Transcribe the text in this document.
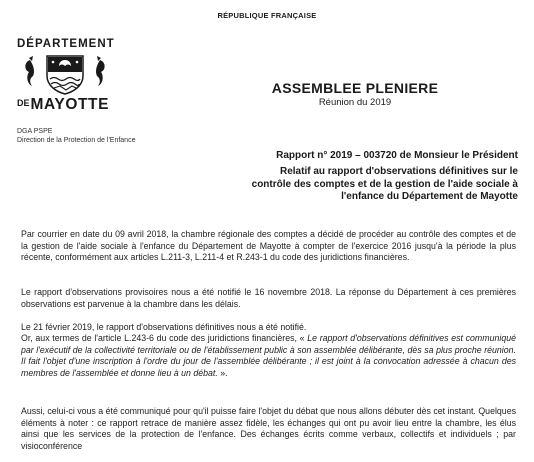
RÉPUBLIQUE FRANÇAISE
DÉPARTEMENT
DEMAYOTTE
DGA PSPE
Direction de la Protection de l'Enfance
ASSEMBLEE PLENIERE
Réunion du 2019
Rapport n° 2019 – 003720 de Monsieur le Président
Relatif au rapport d'observations définitives sur le
contrôle des comptes et de la gestion de l'aide sociale à
l'enfance du Département de Mayotte

Par courrier en date du 09 avril 2018, la chambre régionale des comptes a décidé de procéder au contrôle des comptes et de la gestion de l'aide sociale à l'enfance du Département de Mayotte à compter de l'exercice 2016 jusqu'à la période la plus récente, conformément aux articles L.211-3, L.211-4 et R.243-1 du code des juridictions financières.

Le rapport d'observations provisoires nous a été notifié le 16 novembre 2018. La réponse du Département à ces premières observations est parvenue à la chambre dans les délais.

Le 21 février 2019, le rapport d'observations définitives nous a été notifié.

Or, aux termes de l'article L.243-6 du code des juridictions financières, « Le rapport d'observations définitives est communiqué par l'exécutif de la collectivité territoriale ou de l'établissement public à son assemblée délibérante, dès sa plus proche réunion. Il fait l'objet d'une inscription à l'ordre du jour de l'assemblée délibérante ; il est joint à la convocation adressée à chacun des membres de l'assemblée et donne lieu à un débat. ».

Aussi, celui-ci vous a été communiqué pour qu'il puisse faire l'objet du débat que nous allons débuter dès cet instant. Quelques éléments à noter : ce rapport retrace de manière assez fidèle, les échanges qui ont pu avoir lieu entre la chambre, les élus ainsi que les services de la protection de l'enfance. Des échanges écrits comme verbaux, collectifs et individuels ; par visioconférence
